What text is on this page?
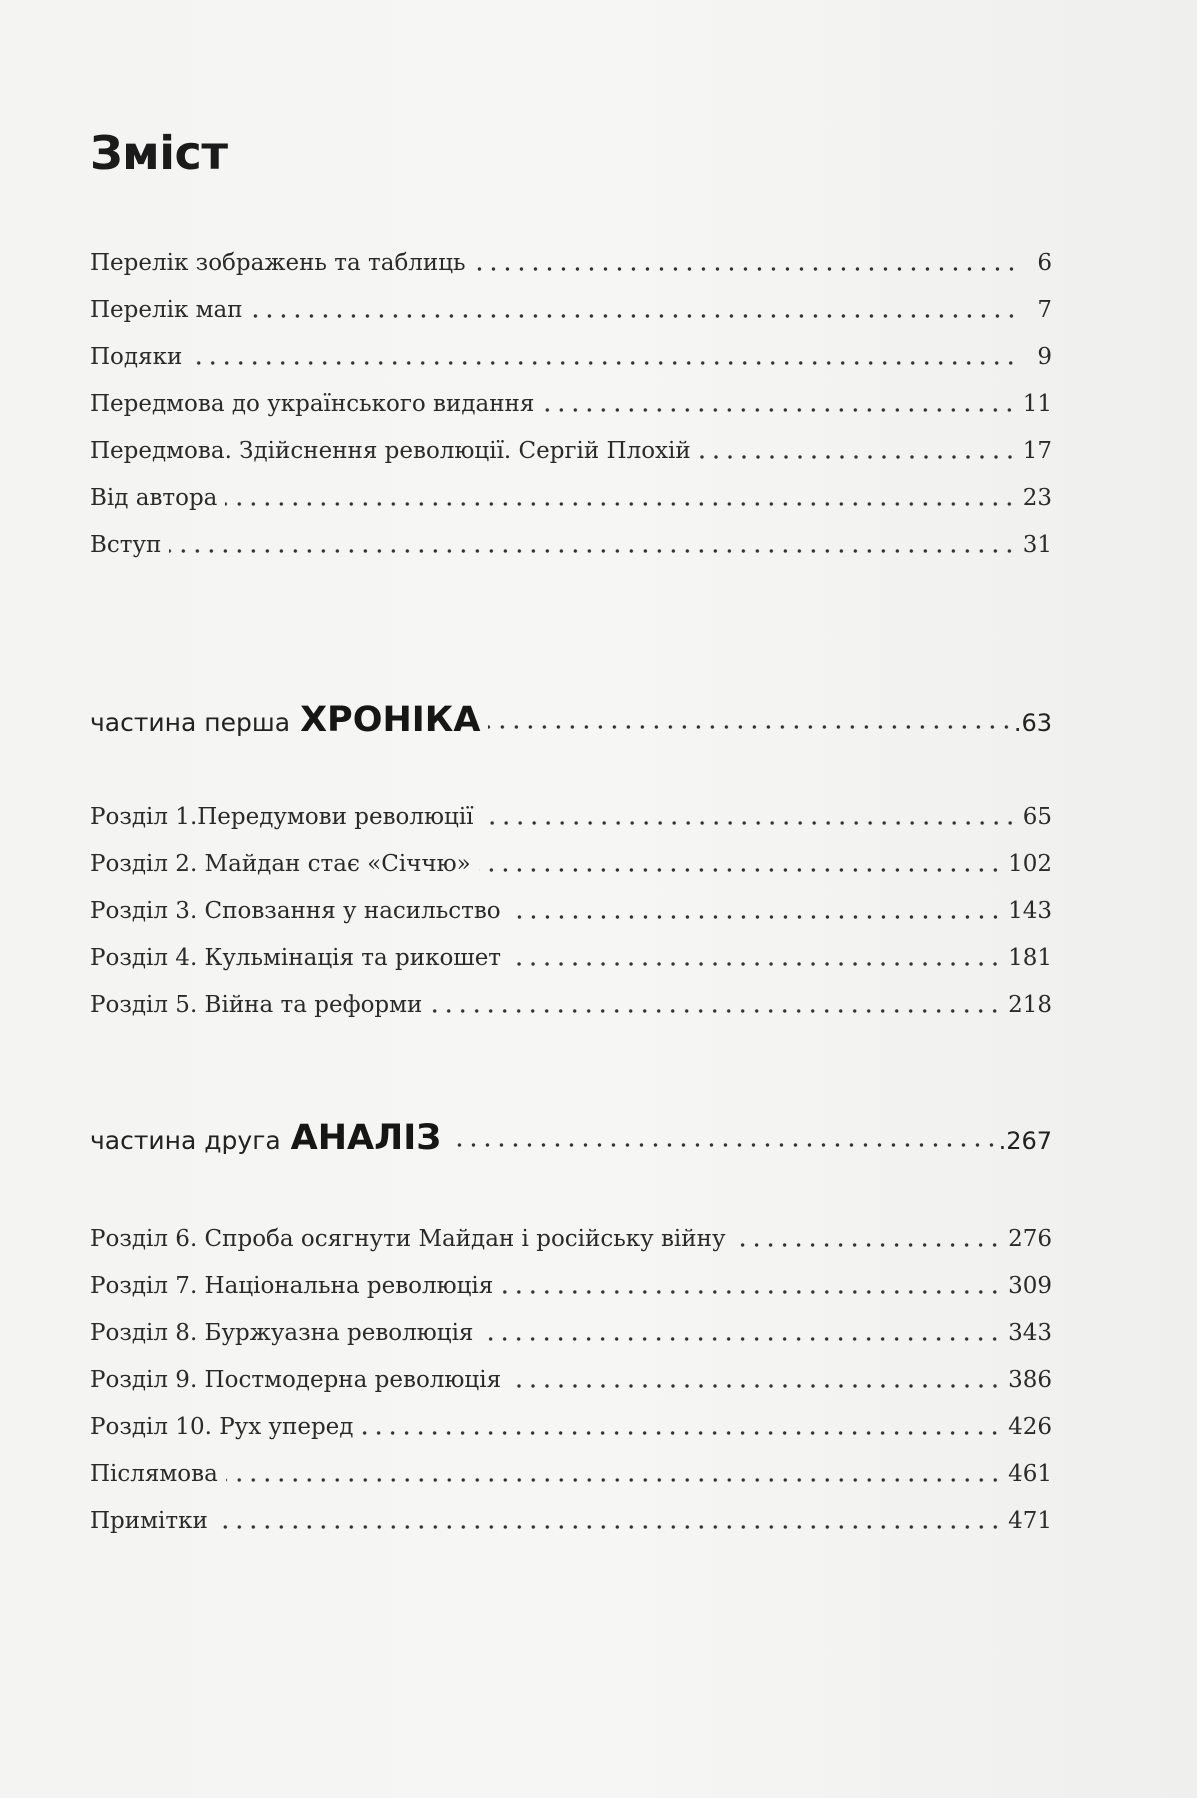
Зміст
Перелік зображень та таблиць	6
Перелік мап	7
Подяки	9
Передмова до українського видання	11
Передмова. Здійснення революції. Сергій Плохій	17
Від автора	23
Вступ	31
частина перша ХРОНІКА	.63
Розділ 1.Передумови революції	65
Розділ 2. Майдан стає «Січчю»	102
Розділ 3. Сповзання у насильство	143
Розділ 4. Кульмінація та рикошет	181
Розділ 5. Війна та реформи	218
частина друга АНАЛІЗ	.267
Розділ 6. Спроба осягнути Майдан і російську війну	276
Розділ 7. Національна революція	309
Розділ 8. Буржуазна революція	343
Розділ 9. Постмодерна революція	386
Розділ 10. Рух уперед	426
Післямова	461
Примітки	471
